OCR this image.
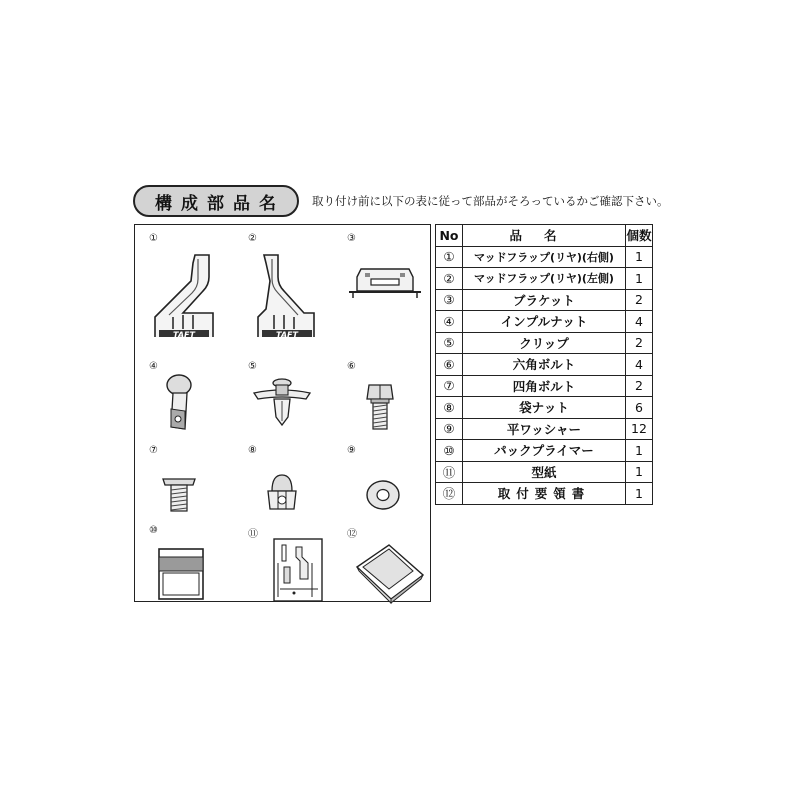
構成部品名 取り付け前に以下の表に従って部品がそろっているかご確認下さい。
①
TAFT
②
TAFT
③
④	⑤	⑥
⑦	⑧	⑨
⑩	⑪	⑫
No	品名	個数
①	マッドフラップ(リヤ)(右側)	1
②	マッドフラップ(リヤ)(左側)	1
③	ブラケット	2
④	インプルナット	4
⑤	クリップ	2
⑥	六角ボルト	4
⑦	四角ボルト	2
⑧	袋ナット	6
⑨	平ワッシャー	12
⑩	パックプライマー	1
⑪	型紙	1
⑫	取付要領書	1
